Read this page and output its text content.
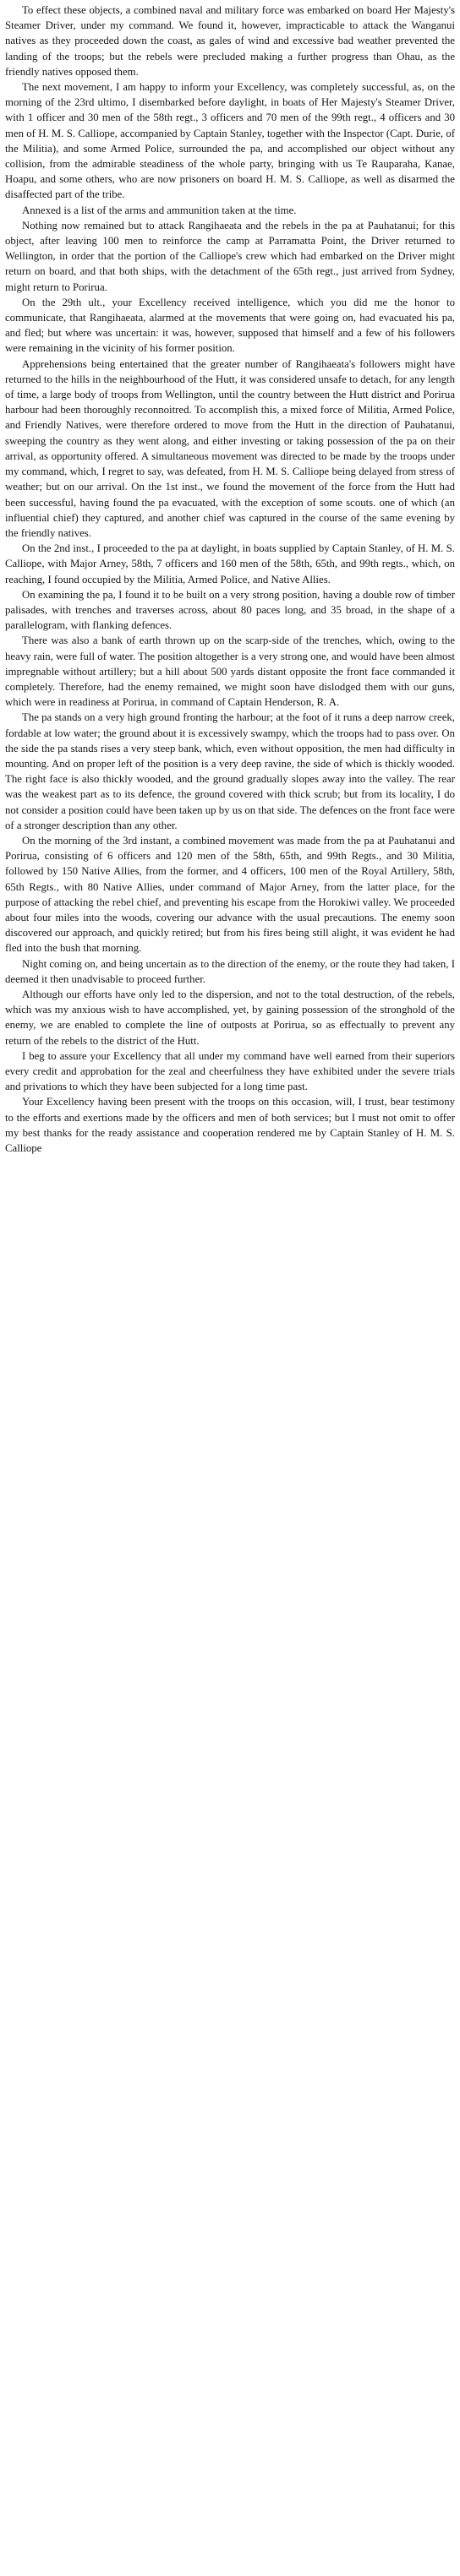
To effect these objects, a combined naval and military force was embarked on board Her Majesty's Steamer Driver, under my command. We found it, however, impracticable to attack the Wanganui natives as they proceeded down the coast, as gales of wind and excessive bad weather prevented the landing of the troops; but the rebels were precluded making a further progress than Ohau, as the friendly natives opposed them.

The next movement, I am happy to inform your Excellency, was completely successful, as, on the morning of the 23rd ultimo, I disembarked before daylight, in boats of Her Majesty's Steamer Driver, with 1 officer and 30 men of the 58th regt., 3 officers and 70 men of the 99th regt., 4 officers and 30 men of H. M. S. Calliope, accompanied by Captain Stanley, together with the Inspector (Capt. Durie, of the Militia), and some Armed Police, surrounded the pa, and accomplished our object without any collision, from the admirable steadiness of the whole party, bringing with us Te Rauparaha, Kanae, Hoapu, and some others, who are now prisoners on board H. M. S. Calliope, as well as disarmed the disaffected part of the tribe.

Annexed is a list of the arms and ammunition taken at the time.

Nothing now remained but to attack Rangihaeata and the rebels in the pa at Pauhatanui; for this object, after leaving 100 men to reinforce the camp at Parramatta Point, the Driver returned to Wellington, in order that the portion of the Calliope's crew which had embarked on the Driver might return on board, and that both ships, with the detachment of the 65th regt., just arrived from Sydney, might return to Porirua.

On the 29th ult., your Excellency received intelligence, which you did me the honor to communicate, that Rangihaeata, alarmed at the movements that were going on, had evacuated his pa, and fled; but where was uncertain: it was, however, supposed that himself and a few of his followers were remaining in the vicinity of his former position.

Apprehensions being entertained that the greater number of Rangihaeata's followers might have returned to the hills in the neighbourhood of the Hutt, it was considered unsafe to detach, for any length of time, a large body of troops from Wellington, until the country between the Hutt district and Porirua harbour had been thoroughly reconnoitred. To accomplish this, a mixed force of Militia, Armed Police, and Friendly Natives, were therefore ordered to move from the Hutt in the direction of Pauhatanui, sweeping the country as they went along, and either investing or taking possession of the pa on their arrival, as opportunity offered. A simultaneous movement was directed to be made by the troops under my command, which, I regret to say, was defeated, from H. M. S. Calliope being delayed from stress of weather; but on our arrival. On the 1st inst., we found the movement of the force from the Hutt had been successful, having found the pa evacuated, with the exception of some scouts. one of which (an influential chief) they captured, and another chief was captured in the course of the same evening by the friendly natives.

On the 2nd inst., I proceeded to the pa at daylight, in boats supplied by Captain Stanley, of H. M. S. Calliope, with Major Arney, 58th, 7 officers and 160 men of the 58th, 65th, and 99th regts., which, on reaching, I found occupied by the Militia, Armed Police, and Native Allies.

On examining the pa, I found it to be built on a very strong position, having a double row of timber palisades, with trenches and traverses across, about 80 paces long, and 35 broad, in the shape of a parallelogram, with flanking defences.

There was also a bank of earth thrown up on the scarp-side of the trenches, which, owing to the heavy rain, were full of water. The position altogether is a very strong one, and would have been almost impregnable without artillery; but a hill about 500 yards distant opposite the front face commanded it completely. Therefore, had the enemy remained, we might soon have dislodged them with our guns, which were in readiness at Porirua, in command of Captain Henderson, R. A.

The pa stands on a very high ground fronting the harbour; at the foot of it runs a deep narrow creek, fordable at low water; the ground about it is excessively swampy, which the troops had to pass over. On the side the pa stands rises a very steep bank, which, even without opposition, the men had difficulty in mounting. And on proper left of the position is a very deep ravine, the side of which is thickly wooded. The right face is also thickly wooded, and the ground gradually slopes away into the valley. The rear was the weakest part as to its defence, the ground covered with thick scrub; but from its locality, I do not consider a position could have been taken up by us on that side. The defences on the front face were of a stronger description than any other.

On the morning of the 3rd instant, a combined movement was made from the pa at Pauhatanui and Porirua, consisting of 6 officers and 120 men of the 58th, 65th, and 99th Regts., and 30 Militia, followed by 150 Native Allies, from the former, and 4 officers, 100 men of the Royal Artillery, 58th, 65th Regts., with 80 Native Allies, under command of Major Arney, from the latter place, for the purpose of attacking the rebel chief, and preventing his escape from the Horokiwi valley. We proceeded about four miles into the woods, covering our advance with the usual precautions. The enemy soon discovered our approach, and quickly retired; but from his fires being still alight, it was evident he had fled into the bush that morning.

Night coming on, and being uncertain as to the direction of the enemy, or the route they had taken, I deemed it then unadvisable to proceed further.

Although our efforts have only led to the dispersion, and not to the total destruction, of the rebels, which was my anxious wish to have accomplished, yet, by gaining possession of the stronghold of the enemy, we are enabled to complete the line of outposts at Porirua, so as effectually to prevent any return of the rebels to the district of the Hutt.

I beg to assure your Excellency that all under my command have well earned from their superiors every credit and approbation for the zeal and cheerfulness they have exhibited under the severe trials and privations to which they have been subjected for a long time past.

Your Excellency having been present with the troops on this occasion, will, I trust, bear testimony to the efforts and exertions made by the officers and men of both services; but I must not omit to offer my best thanks for the ready assistance and cooperation rendered me by Captain Stanley of H. M. S. Calliope
